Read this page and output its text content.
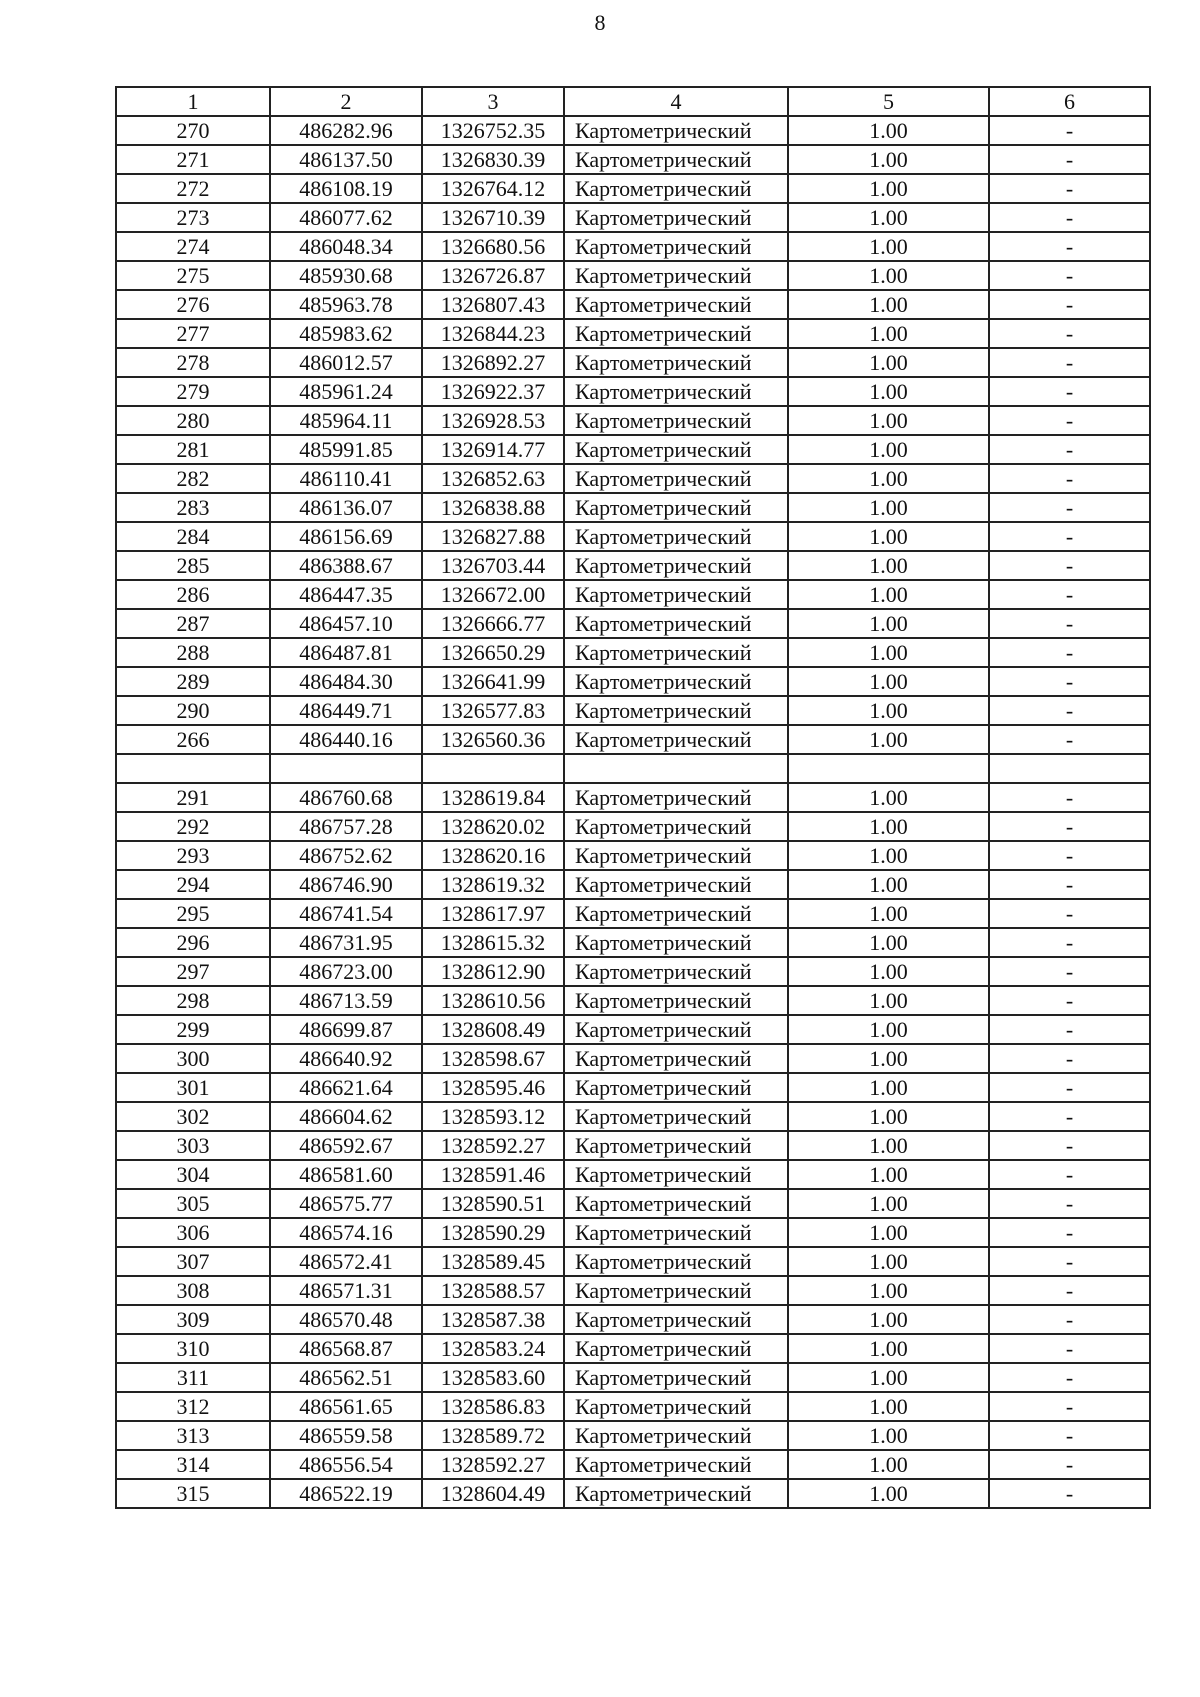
8
1	2	3	4	5	6
270	486282.96	1326752.35	Картометрический	1.00	-
271	486137.50	1326830.39	Картометрический	1.00	-
272	486108.19	1326764.12	Картометрический	1.00	-
273	486077.62	1326710.39	Картометрический	1.00	-
274	486048.34	1326680.56	Картометрический	1.00	-
275	485930.68	1326726.87	Картометрический	1.00	-
276	485963.78	1326807.43	Картометрический	1.00	-
277	485983.62	1326844.23	Картометрический	1.00	-
278	486012.57	1326892.27	Картометрический	1.00	-
279	485961.24	1326922.37	Картометрический	1.00	-
280	485964.11	1326928.53	Картометрический	1.00	-
281	485991.85	1326914.77	Картометрический	1.00	-
282	486110.41	1326852.63	Картометрический	1.00	-
283	486136.07	1326838.88	Картометрический	1.00	-
284	486156.69	1326827.88	Картометрический	1.00	-
285	486388.67	1326703.44	Картометрический	1.00	-
286	486447.35	1326672.00	Картометрический	1.00	-
287	486457.10	1326666.77	Картометрический	1.00	-
288	486487.81	1326650.29	Картометрический	1.00	-
289	486484.30	1326641.99	Картометрический	1.00	-
290	486449.71	1326577.83	Картометрический	1.00	-
266	486440.16	1326560.36	Картометрический	1.00	-

291	486760.68	1328619.84	Картометрический	1.00	-
292	486757.28	1328620.02	Картометрический	1.00	-
293	486752.62	1328620.16	Картометрический	1.00	-
294	486746.90	1328619.32	Картометрический	1.00	-
295	486741.54	1328617.97	Картометрический	1.00	-
296	486731.95	1328615.32	Картометрический	1.00	-
297	486723.00	1328612.90	Картометрический	1.00	-
298	486713.59	1328610.56	Картометрический	1.00	-
299	486699.87	1328608.49	Картометрический	1.00	-
300	486640.92	1328598.67	Картометрический	1.00	-
301	486621.64	1328595.46	Картометрический	1.00	-
302	486604.62	1328593.12	Картометрический	1.00	-
303	486592.67	1328592.27	Картометрический	1.00	-
304	486581.60	1328591.46	Картометрический	1.00	-
305	486575.77	1328590.51	Картометрический	1.00	-
306	486574.16	1328590.29	Картометрический	1.00	-
307	486572.41	1328589.45	Картометрический	1.00	-
308	486571.31	1328588.57	Картометрический	1.00	-
309	486570.48	1328587.38	Картометрический	1.00	-
310	486568.87	1328583.24	Картометрический	1.00	-
311	486562.51	1328583.60	Картометрический	1.00	-
312	486561.65	1328586.83	Картометрический	1.00	-
313	486559.58	1328589.72	Картометрический	1.00	-
314	486556.54	1328592.27	Картометрический	1.00	-
315	486522.19	1328604.49	Картометрический	1.00	-
